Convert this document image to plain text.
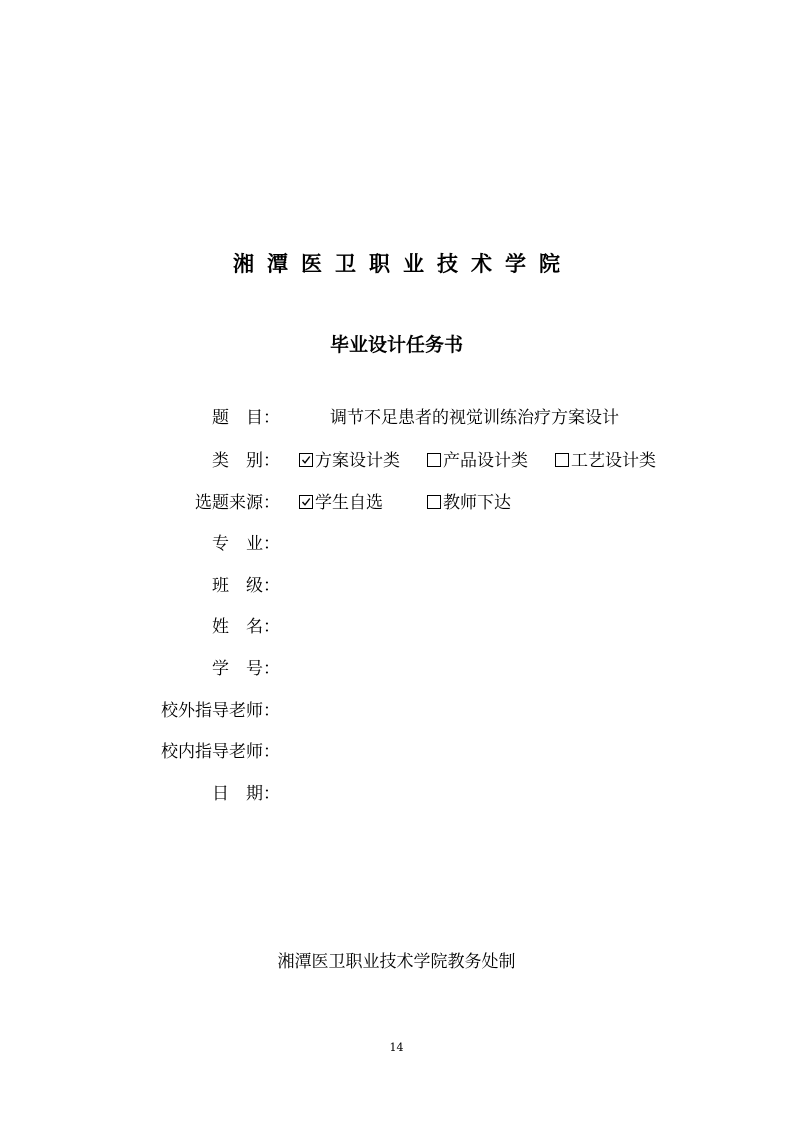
湘潭医卫职业技术学院
毕业设计任务书
题　目：	调节不足患者的视觉训练治疗方案设计
类　别：	方案设计类	产品设计类	工艺设计类
选题来源：	学生自选	教师下达
专　业：
班　级：
姓　名：
学　号：
校外指导老师：
校内指导老师：
日　期：
湘潭医卫职业技术学院教务处制
14
